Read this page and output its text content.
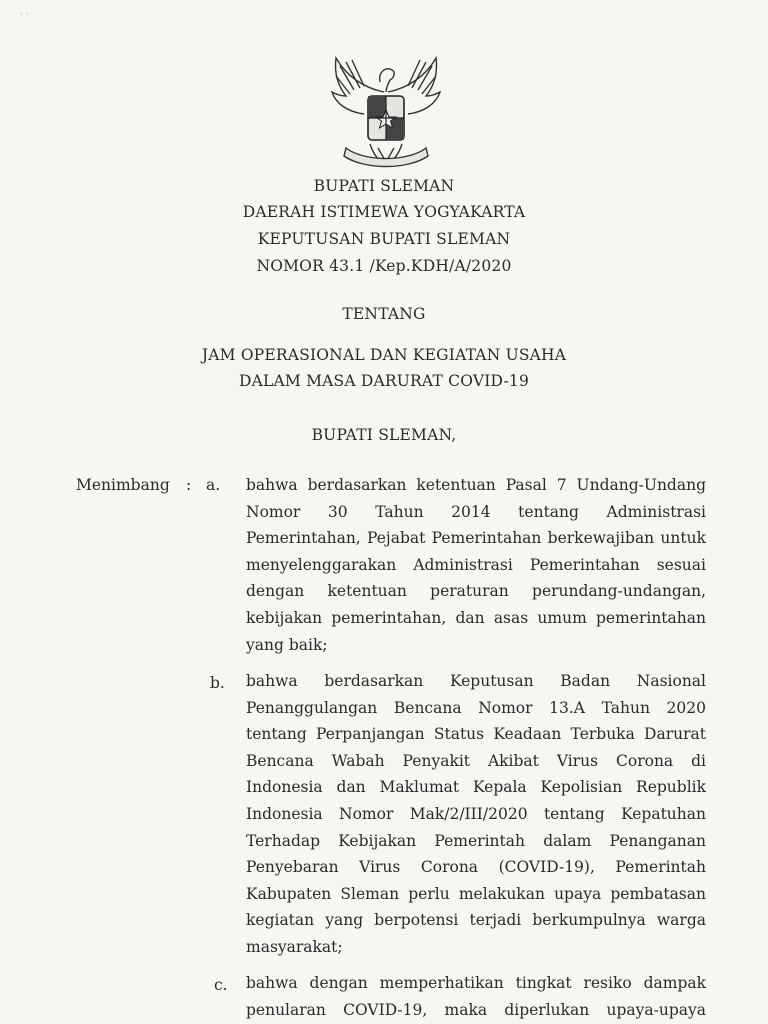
· ·
BUPATI SLEMAN
DAERAH ISTIMEWA YOGYAKARTA
KEPUTUSAN BUPATI SLEMAN
NOMOR 43.1 /Kep.KDH/A/2020
TENTANG
JAM OPERASIONAL DAN KEGIATAN USAHA
DALAM MASA DARURAT COVID-19
BUPATI SLEMAN,
Menimbang : a. bahwa berdasarkan ketentuan Pasal 7 Undang-Undang
Nomor 30 Tahun 2014 tentang Administrasi
Pemerintahan, Pejabat Pemerintahan berkewajiban untuk
menyelenggarakan Administrasi Pemerintahan sesuai
dengan ketentuan peraturan perundang-undangan,
kebijakan pemerintahan, dan asas umum pemerintahan
yang baik;
b. bahwa berdasarkan Keputusan Badan Nasional
Penanggulangan Bencana Nomor 13.A Tahun 2020
tentang Perpanjangan Status Keadaan Terbuka Darurat
Bencana Wabah Penyakit Akibat Virus Corona di
Indonesia dan Maklumat Kepala Kepolisian Republik
Indonesia Nomor Mak/2/III/2020 tentang Kepatuhan
Terhadap Kebijakan Pemerintah dalam Penanganan
Penyebaran Virus Corona (COVID-19), Pemerintah
Kabupaten Sleman perlu melakukan upaya pembatasan
kegiatan yang berpotensi terjadi berkumpulnya warga
masyarakat;
c. bahwa dengan memperhatikan tingkat resiko dampak
penularan COVID-19, maka diperlukan upaya-upaya
